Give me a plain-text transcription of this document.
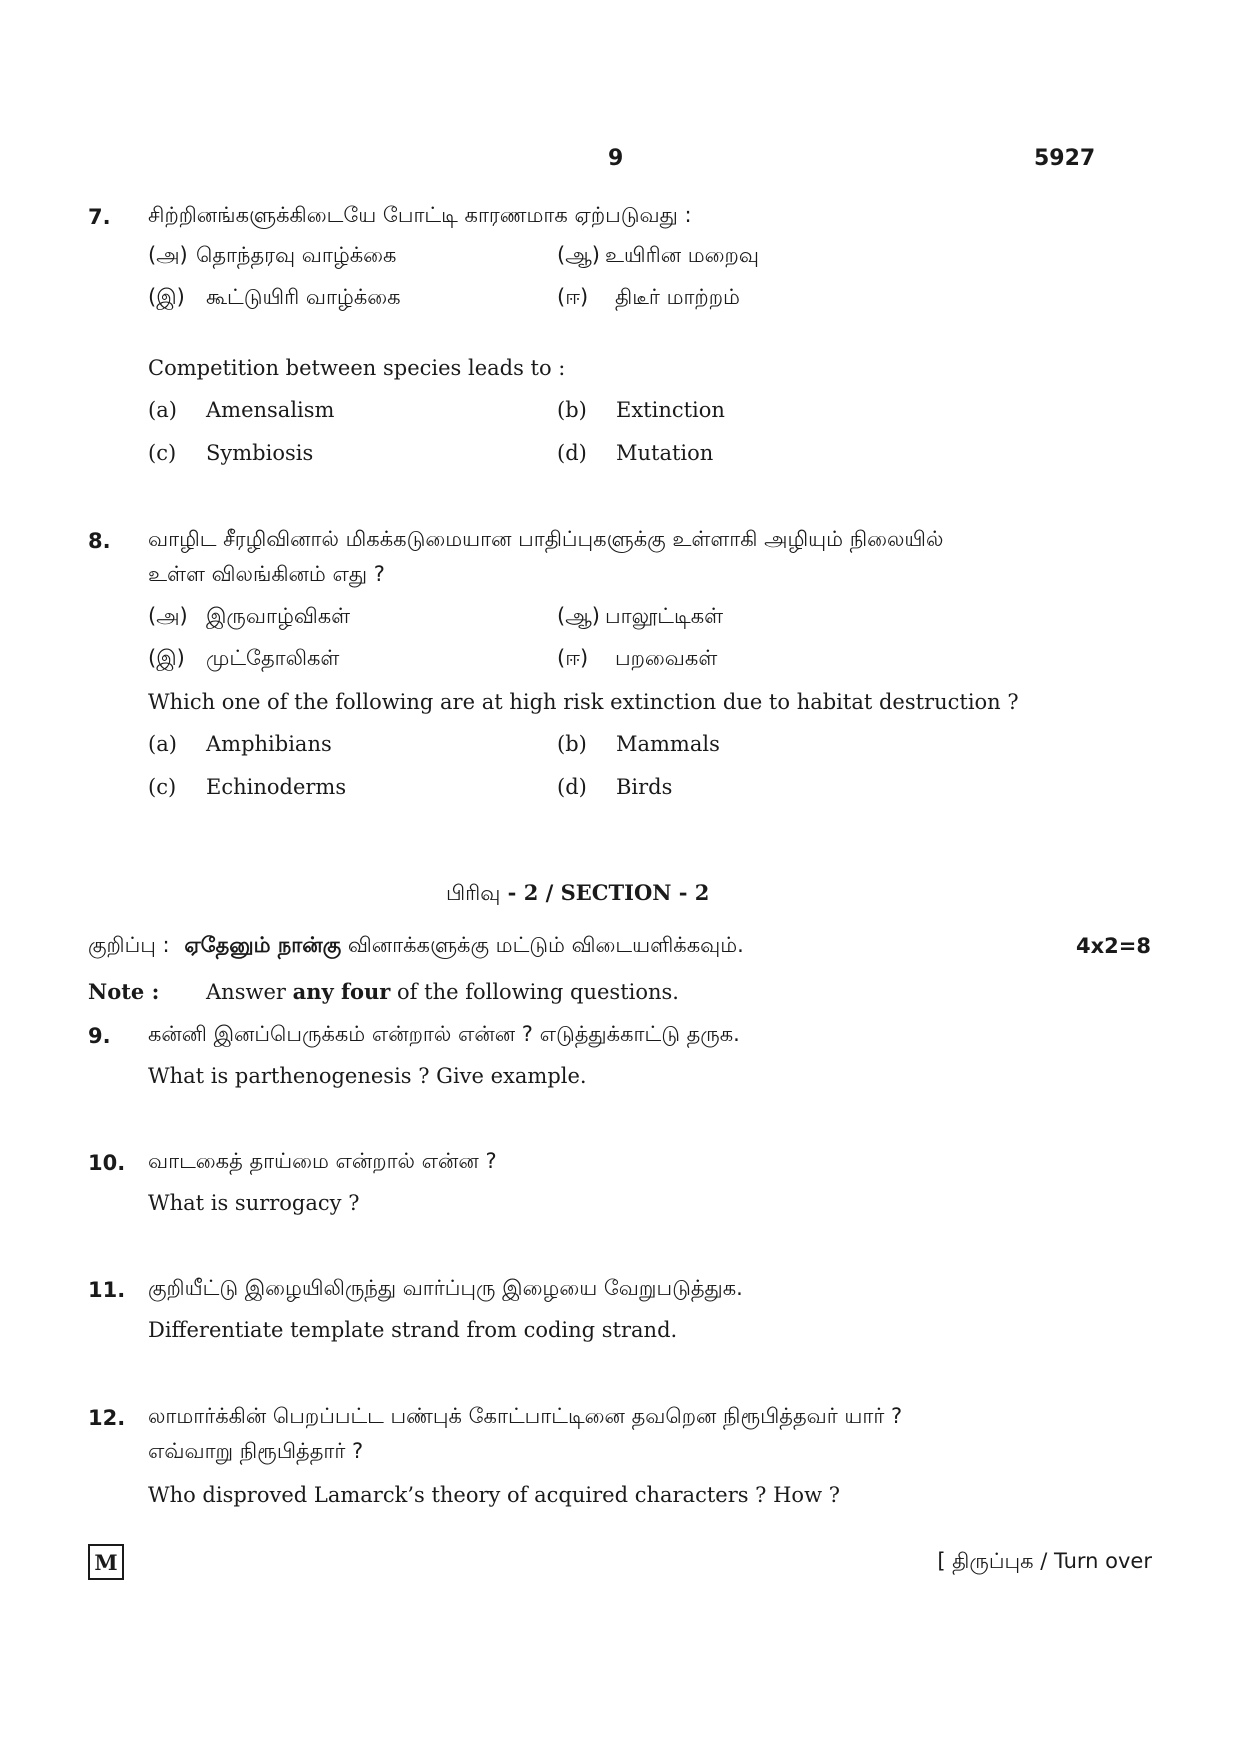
9	5927
7. சிற்றினங்களுக்கிடையே போட்டி காரணமாக ஏற்படுவது :
(அ) தொந்தரவு வாழ்க்கை	(ஆ) உயிரின மறைவு
(இ) கூட்டுயிரி வாழ்க்கை	(ஈ) திடீர் மாற்றம்
Competition between species leads to :
(a) Amensalism	(b) Extinction
(c) Symbiosis	(d) Mutation
8. வாழிட சீரழிவினால் மிகக்கடுமையான பாதிப்புகளுக்கு உள்ளாகி அழியும் நிலையில்
உள்ள விலங்கினம் எது ?
(அ) இருவாழ்விகள்	(ஆ) பாலூட்டிகள்
(இ) முட்தோலிகள்	(ஈ) பறவைகள்
Which one of the following are at high risk extinction due to habitat destruction ?
(a) Amphibians	(b) Mammals
(c) Echinoderms	(d) Birds
பிரிவு - 2 / SECTION - 2
குறிப்பு : ஏதேனும் நான்கு வினாக்களுக்கு மட்டும் விடையளிக்கவும்.	4x2=8
Note : Answer any four of the following questions.
9. கன்னி இனப்பெருக்கம் என்றால் என்ன ? எடுத்துக்காட்டு தருக.
What is parthenogenesis ? Give example.
10. வாடகைத் தாய்மை என்றால் என்ன ?
What is surrogacy ?
11. குறியீட்டு இழையிலிருந்து வார்ப்புரு இழையை வேறுபடுத்துக.
Differentiate template strand from coding strand.
12. லாமார்க்கின் பெறப்பட்ட பண்புக் கோட்பாட்டினை தவறென நிரூபித்தவர் யார் ?
எவ்வாறு நிரூபித்தார் ?
Who disproved Lamarck’s theory of acquired characters ? How ?
M	[ திருப்புக / Turn over
